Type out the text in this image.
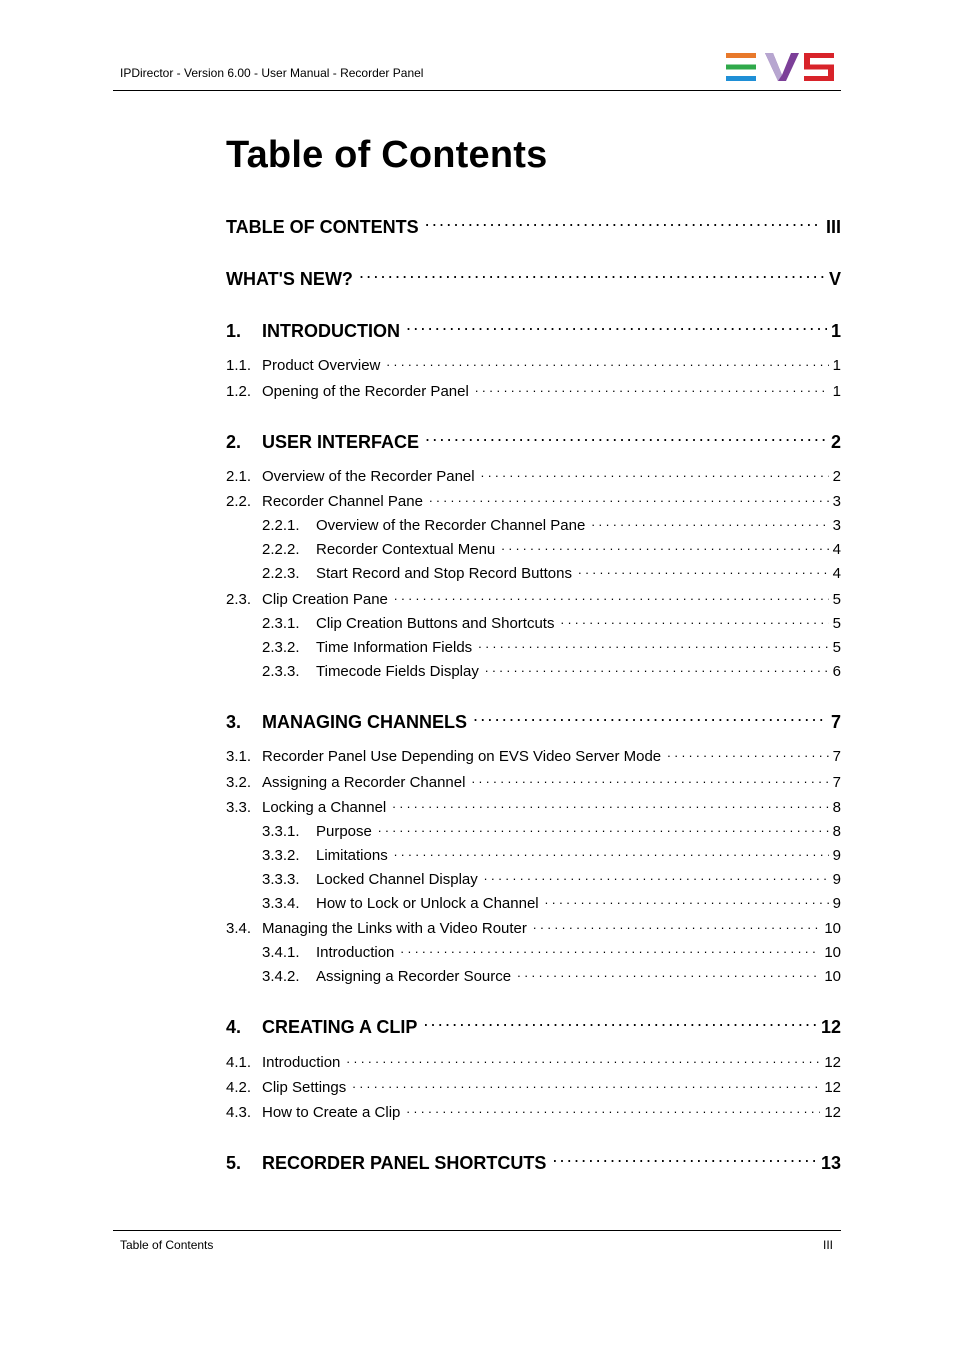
IPDirector - Version 6.00 - User Manual - Recorder Panel
Table of Contents
TABLE OF CONTENTS . . .	III
WHAT'S NEW? . . .	V
1.	INTRODUCTION . . .	1
1.1. Product Overview . . .	1
1.2. Opening of the Recorder Panel . . .	1
2.	USER INTERFACE . . .	2
2.1. Overview of the Recorder Panel . . .	2
2.2. Recorder Channel Pane . . .	3
2.2.1.	Overview of the Recorder Channel Pane . . .	3
2.2.2.	Recorder Contextual Menu . . .	4
2.2.3.	Start Record and Stop Record Buttons . . .	4
2.3. Clip Creation Pane . . .	5
2.3.1.	Clip Creation Buttons and Shortcuts . . .	5
2.3.2.	Time Information Fields . . .	5
2.3.3.	Timecode Fields Display . . .	6
3.	MANAGING CHANNELS . . .	7
3.1. Recorder Panel Use Depending on EVS Video Server Mode . . .	7
3.2. Assigning a Recorder Channel . . .	7
3.3. Locking a Channel . . .	8
3.3.1.	Purpose . . .	8
3.3.2.	Limitations . . .	9
3.3.3.	Locked Channel Display . . .	9
3.3.4.	How to Lock or Unlock a Channel . . .	9
3.4. Managing the Links with a Video Router . . .	10
3.4.1.	Introduction . . .	10
3.4.2.	Assigning a Recorder Source . . .	10
4.	CREATING A CLIP . . .	12
4.1. Introduction . . .	12
4.2. Clip Settings . . .	12
4.3. How to Create a Clip . . .	12
5.	RECORDER PANEL SHORTCUTS . . .	13
Table of Contents	III
